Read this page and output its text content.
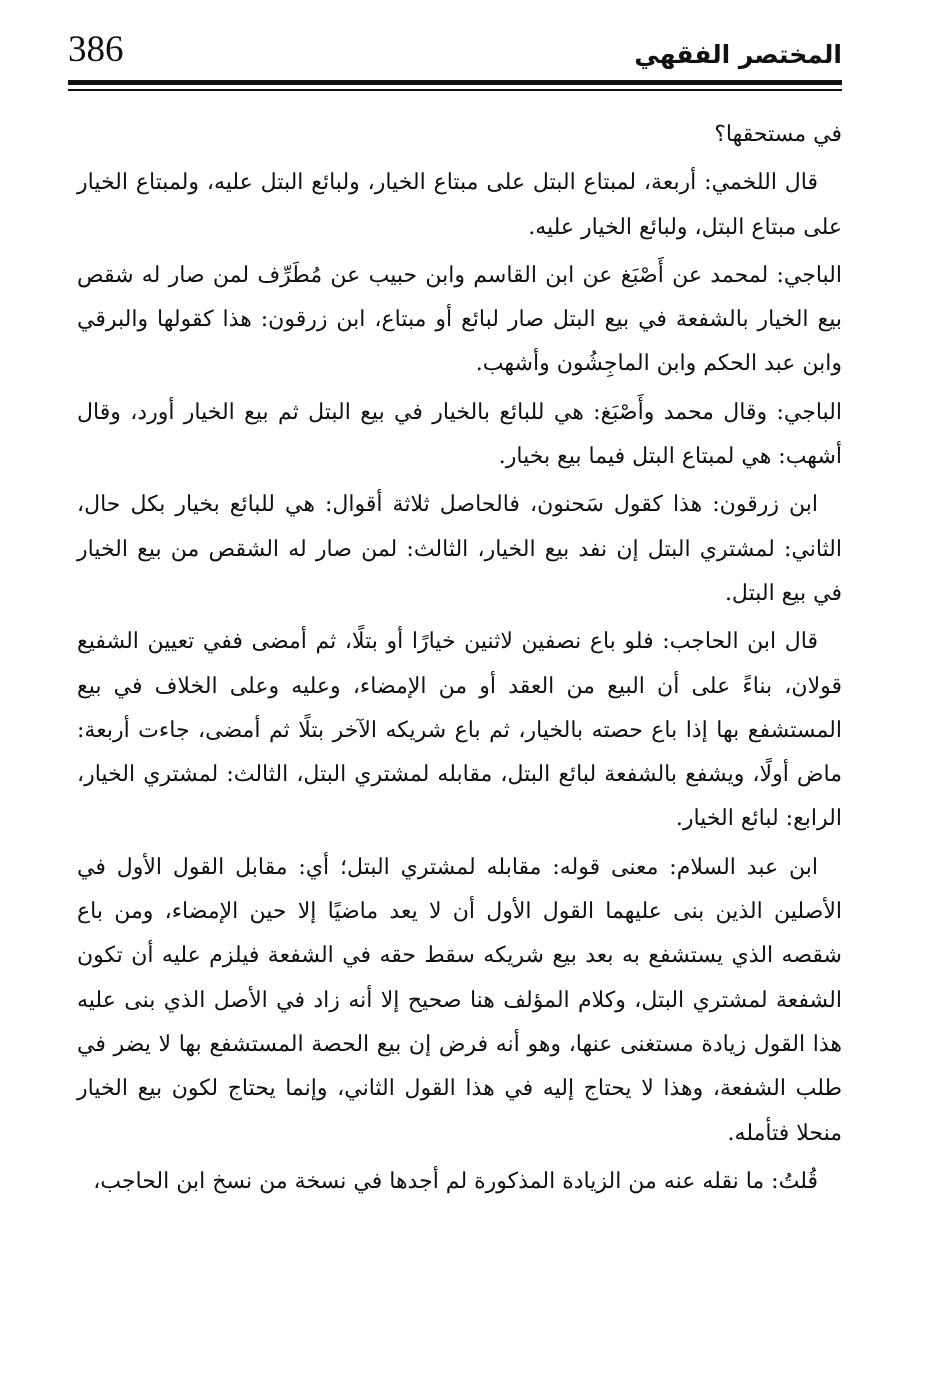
386	المختصر الفقهي

في مستحقها؟

قال اللخمي: أربعة، لمبتاع البتل على مبتاع الخيار، ولبائع البتل عليه، ولمبتاع الخيار على مبتاع البتل، ولبائع الخيار عليه.

الباجي: لمحمد عن أَصْبَغ عن ابن القاسم وابن حبيب عن مُطَرِّف لمن صار له شقص بيع الخيار بالشفعة في بيع البتل صار لبائع أو مبتاع، ابن زرقون: هذا كقولها والبرقي وابن عبد الحكم وابن الماجِشُون وأشهب.

الباجي: وقال محمد وأَصْبَغ: هي للبائع بالخيار في بيع البتل ثم بيع الخيار أورد، وقال أشهب: هي لمبتاع البتل فيما بيع بخيار.

ابن زرقون: هذا كقول سَحنون، فالحاصل ثلاثة أقوال: هي للبائع بخيار بكل حال، الثاني: لمشتري البتل إن نفد بيع الخيار، الثالث: لمن صار له الشقص من بيع الخيار في بيع البتل.

قال ابن الحاجب: فلو باع نصفين لاثنين خيارًا أو بتلًا، ثم أمضى ففي تعيين الشفيع قولان، بناءً على أن البيع من العقد أو من الإمضاء، وعليه وعلى الخلاف في بيع المستشفع بها إذا باع حصته بالخيار، ثم باع شريكه الآخر بتلًا ثم أمضى، جاءت أربعة: ماض أولًا، ويشفع بالشفعة لبائع البتل، مقابله لمشتري البتل، الثالث: لمشتري الخيار، الرابع: لبائع الخيار.

ابن عبد السلام: معنى قوله: مقابله لمشتري البتل؛ أي: مقابل القول الأول في الأصلين الذين بنى عليهما القول الأول أن لا يعد ماضيًا إلا حين الإمضاء، ومن باع شقصه الذي يستشفع به بعد بيع شريكه سقط حقه في الشفعة فيلزم عليه أن تكون الشفعة لمشتري البتل، وكلام المؤلف هنا صحيح إلا أنه زاد في الأصل الذي بنى عليه هذا القول زيادة مستغنى عنها، وهو أنه فرض إن بيع الحصة المستشفع بها لا يضر في طلب الشفعة، وهذا لا يحتاج إليه في هذا القول الثاني، وإنما يحتاج لكون بيع الخيار منحلا فتأمله.

قُلتُ: ما نقله عنه من الزيادة المذكورة لم أجدها في نسخة من نسخ ابن الحاجب،
